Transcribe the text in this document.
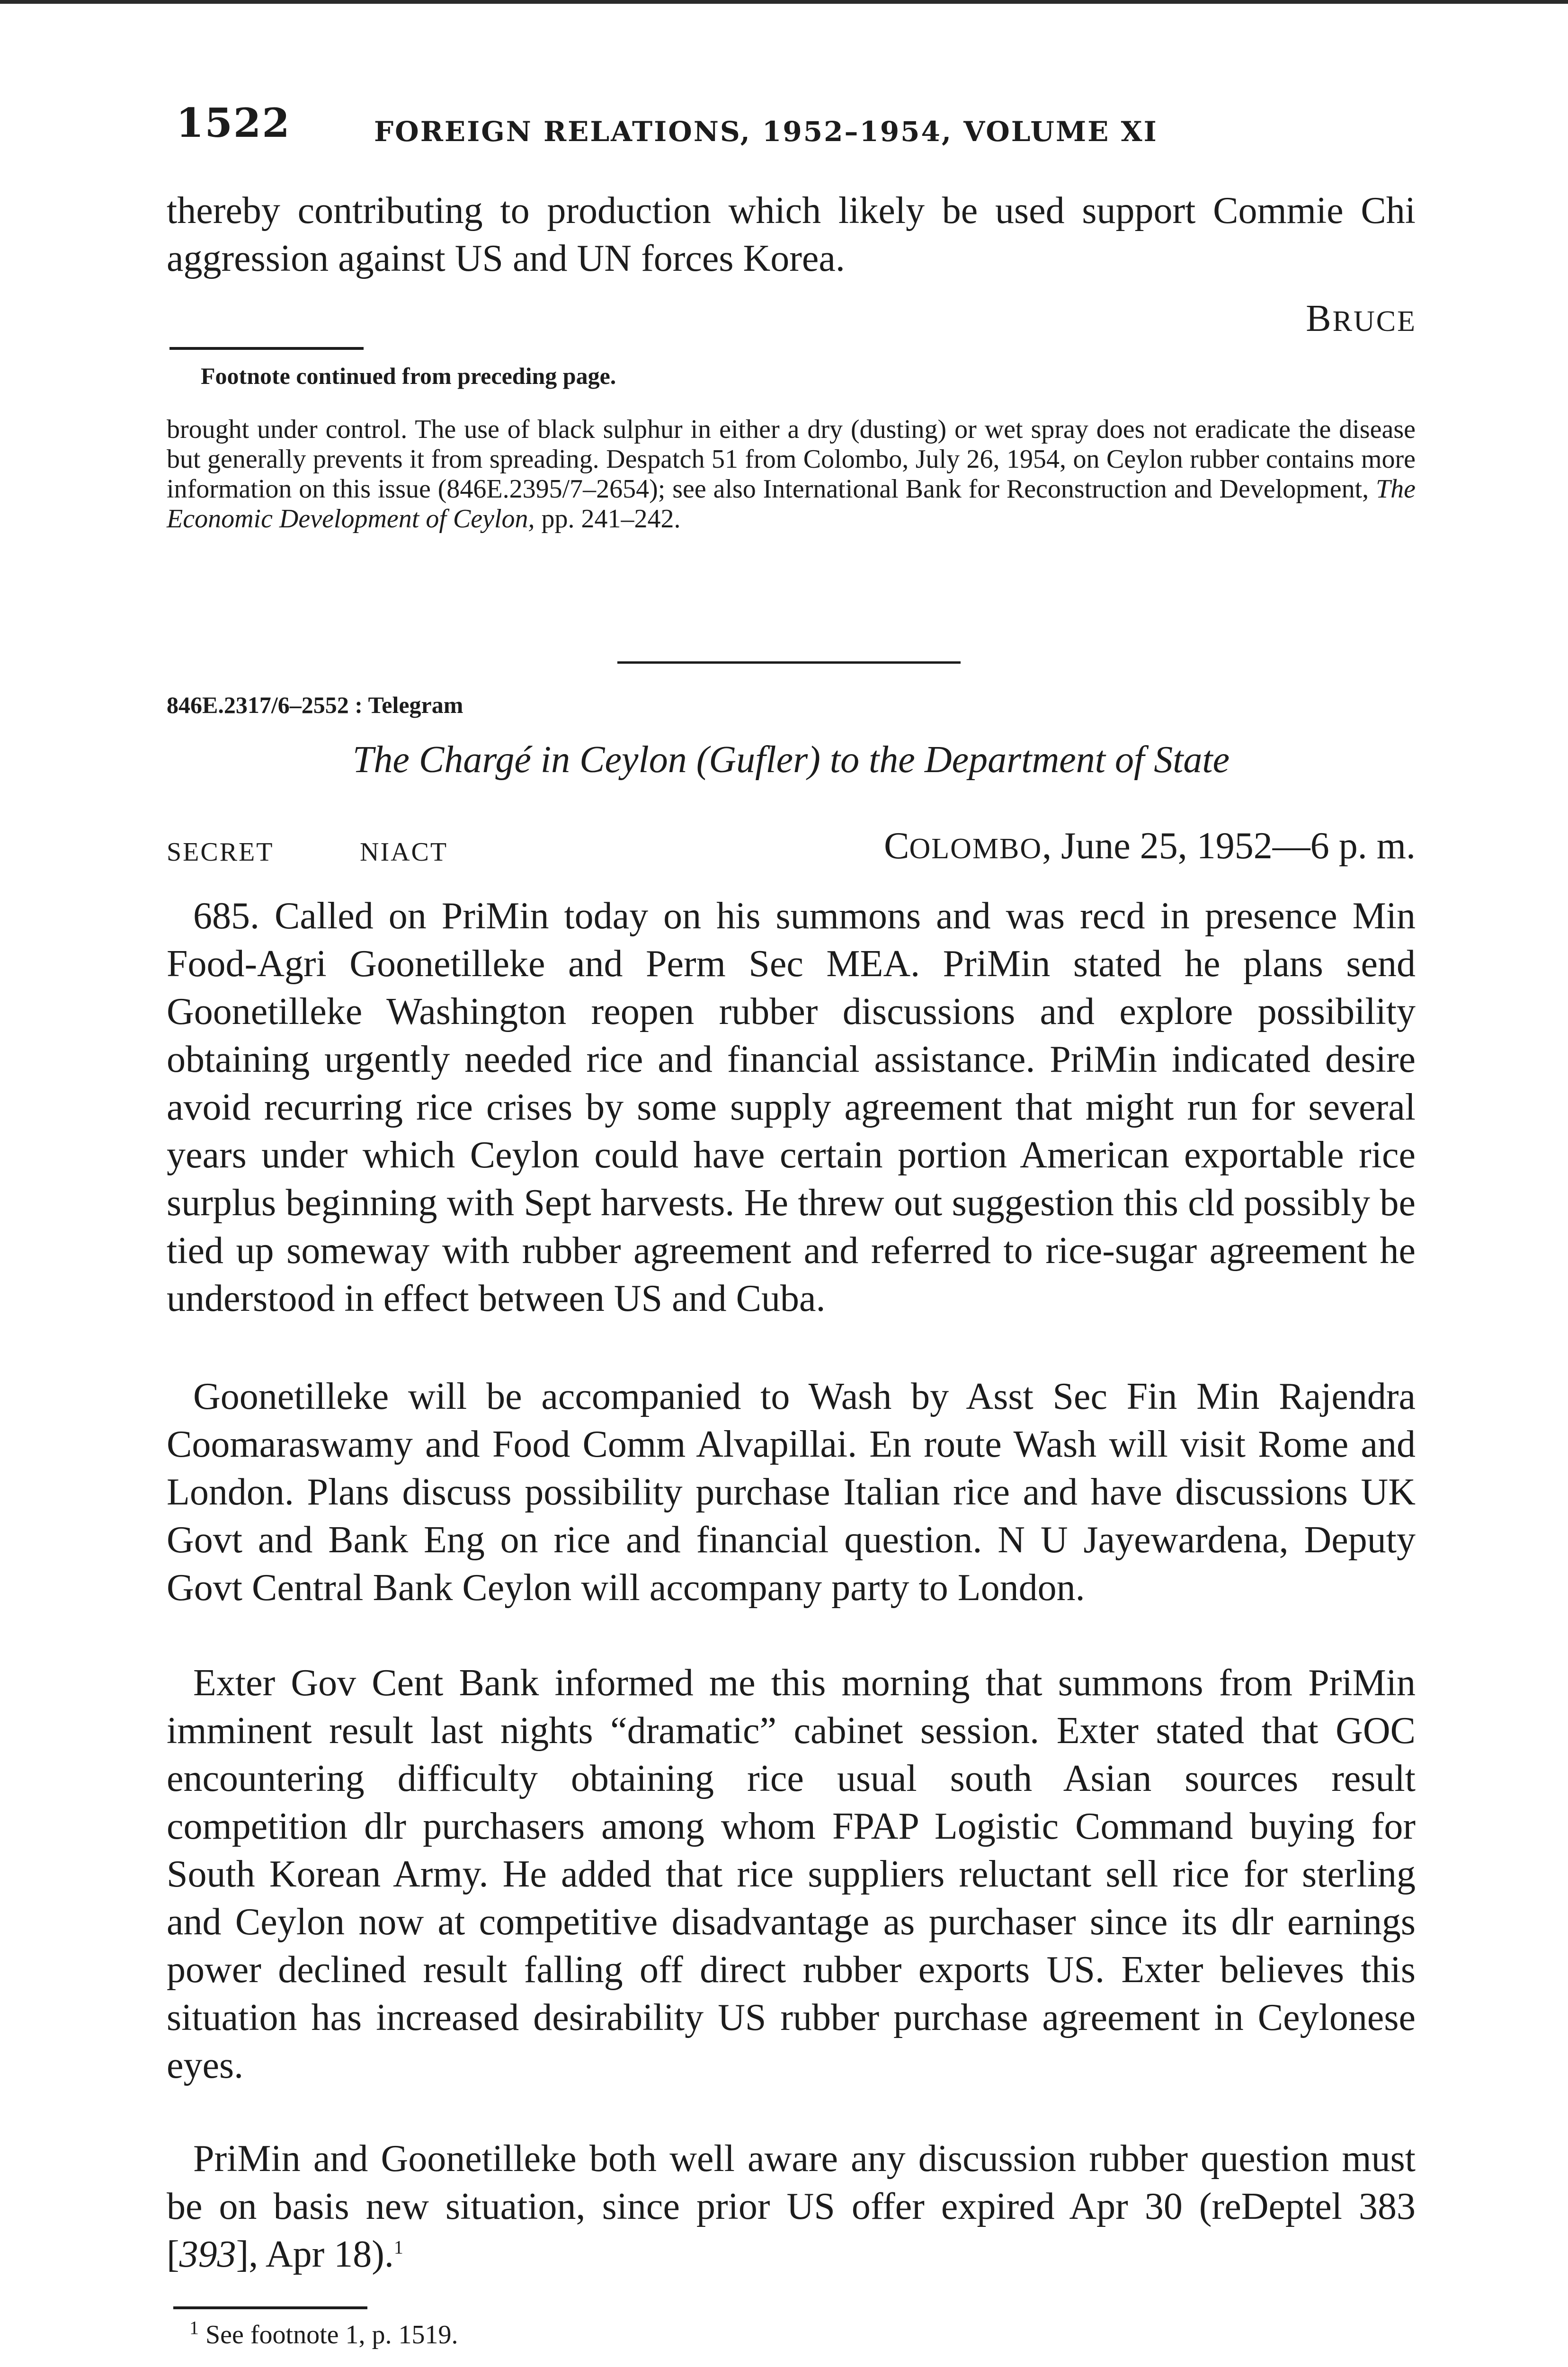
1522	FOREIGN RELATIONS, 1952–1954, VOLUME XI

thereby contributing to production which likely be used support Commie Chi aggression against US and UN forces Korea.

BRUCE
Footnote continued from preceding page.

brought under control. The use of black sulphur in either a dry (dusting) or wet spray does not eradicate the disease but generally prevents it from spreading. Despatch 51 from Colombo, July 26, 1954, on Ceylon rubber contains more information on this issue (846E.2395/7–2654); see also International Bank for Reconstruction and Development, The Economic Development of Ceylon, pp. 241–242.

846E.2317/6–2552 : Telegram
The Chargé in Ceylon (Gufler) to the Department of State
SECRET	NIACT	COLOMBO, June 25, 1952—6 p. m.

685. Called on PriMin today on his summons and was recd in presence Min Food-Agri Goonetilleke and Perm Sec MEA. PriMin stated he plans send Goonetilleke Washington reopen rubber discussions and explore possibility obtaining urgently needed rice and financial assistance. PriMin indicated desire avoid recurring rice crises by some supply agreement that might run for several years under which Ceylon could have certain portion American exportable rice surplus beginning with Sept harvests. He threw out suggestion this cld possibly be tied up someway with rubber agreement and referred to rice-sugar agreement he understood in effect between US and Cuba.

Goonetilleke will be accompanied to Wash by Asst Sec Fin Min Rajendra Coomaraswamy and Food Comm Alvapillai. En route Wash will visit Rome and London. Plans discuss possibility purchase Italian rice and have discussions UK Govt and Bank Eng on rice and financial question. N U Jayewardena, Deputy Govt Central Bank Ceylon will accompany party to London.

Exter Gov Cent Bank informed me this morning that summons from PriMin imminent result last nights “dramatic” cabinet session. Exter stated that GOC encountering difficulty obtaining rice usual south Asian sources result competition dlr purchasers among whom FPAP Logistic Command buying for South Korean Army. He added that rice suppliers reluctant sell rice for sterling and Ceylon now at competitive disadvantage as purchaser since its dlr earnings power declined result falling off direct rubber exports US. Exter believes this situation has increased desirability US rubber purchase agreement in Ceylonese eyes.

PriMin and Goonetilleke both well aware any discussion rubber question must be on basis new situation, since prior US offer expired Apr 30 (reDeptel 383 [393], Apr 18).$^1$

$^1$ See footnote 1, p. 1519.
